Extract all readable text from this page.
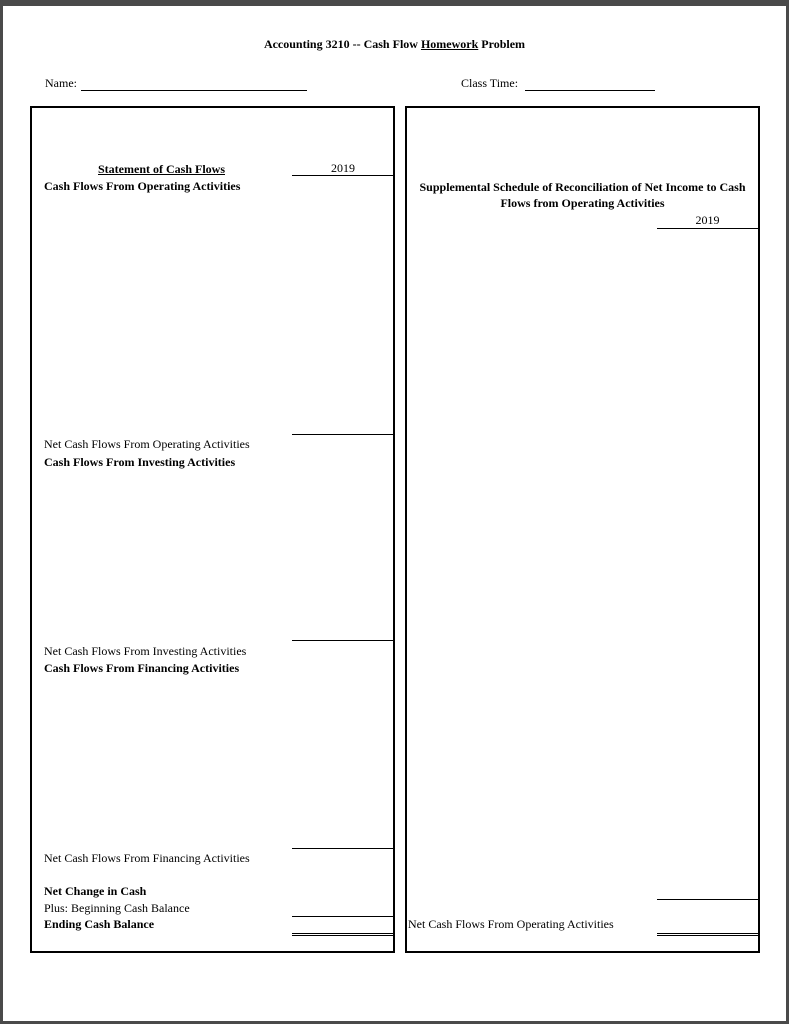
Accounting 3210 -- Cash Flow Homework Problem
Name:	Class Time:
Statement of Cash Flows	2019
Cash Flows From Operating Activities
Net Cash Flows From Operating Activities
Cash Flows From Investing Activities
Net Cash Flows From Investing Activities
Cash Flows From Financing Activities
Net Cash Flows From Financing Activities
Net Change in Cash
Plus: Beginning Cash Balance
Ending Cash Balance
Supplemental Schedule of Reconciliation of Net Income to Cash
Flows from Operating Activities
2019
Net Cash Flows From Operating Activities
